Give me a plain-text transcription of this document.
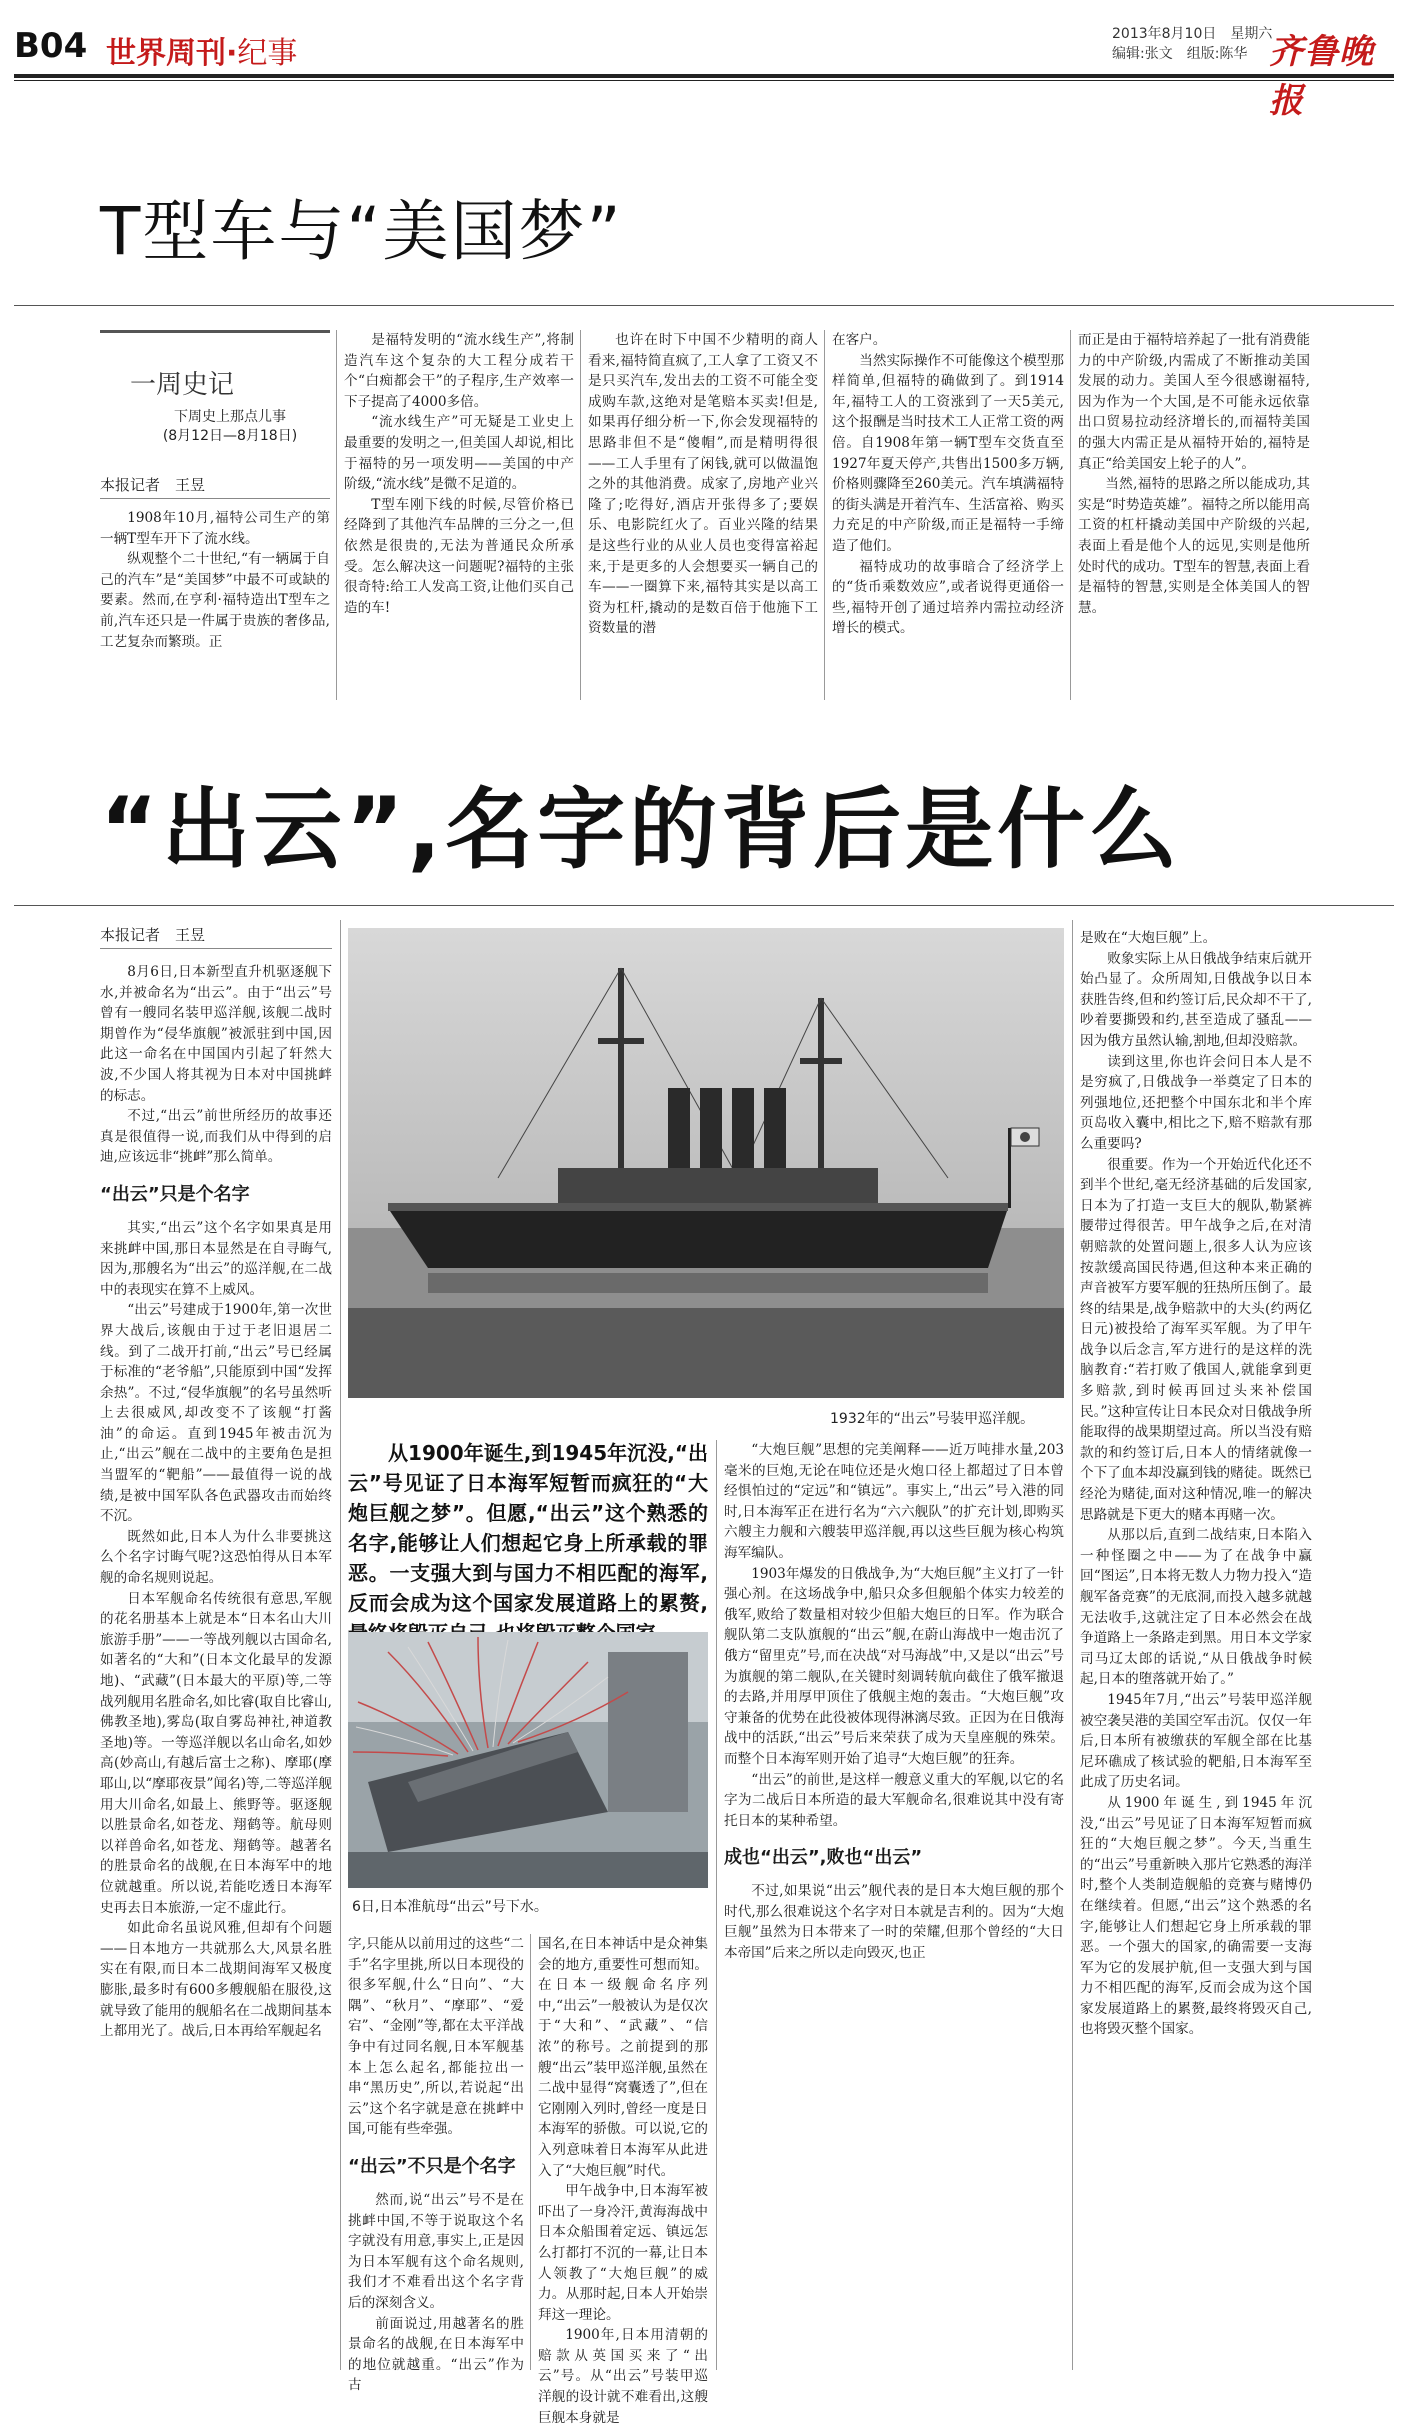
B04 世界周刊·纪事
2013年8月10日　星期六
编辑:张文　组版:陈华 齐鲁晚报
T型车与“美国梦”
一周史记
下周史上那点儿事
(8月12日—8月18日)
本报记者　王昱

1908年10月,福特公司生产的第一辆T型车开下了流水线。

纵观整个二十世纪,“有一辆属于自己的汽车”是“美国梦”中最不可或缺的要素。然而,在亨利·福特造出T型车之前,汽车还只是一件属于贵族的奢侈品,工艺复杂而繁琐。正

是福特发明的“流水线生产”,将制造汽车这个复杂的大工程分成若干个“白痴都会干”的子程序,生产效率一下子提高了4000多倍。

“流水线生产”可无疑是工业史上最重要的发明之一,但美国人却说,相比于福特的另一项发明——美国的中产阶级,“流水线”是微不足道的。

T型车刚下线的时候,尽管价格已经降到了其他汽车品牌的三分之一,但依然是很贵的,无法为普通民众所承受。怎么解决这一问题呢?福特的主张很奇特:给工人发高工资,让他们买自己造的车!

也许在时下中国不少精明的商人看来,福特简直疯了,工人拿了工资又不是只买汽车,发出去的工资不可能全变成购车款,这绝对是笔赔本买卖!但是,如果再仔细分析一下,你会发现福特的思路非但不是“傻帽”,而是精明得很——工人手里有了闲钱,就可以做温饱之外的其他消费。成家了,房地产业兴隆了;吃得好,酒店开张得多了;要娱乐、电影院红火了。百业兴隆的结果是这些行业的从业人员也变得富裕起来,于是更多的人会想要买一辆自己的车——一圈算下来,福特其实是以高工资为杠杆,撬动的是数百倍于他施下工资数量的潜

在客户。

当然实际操作不可能像这个模型那样简单,但福特的确做到了。到1914年,福特工人的工资涨到了一天5美元,这个报酬是当时技术工人正常工资的两倍。自1908年第一辆T型车交货直至1927年夏天停产,共售出1500多万辆,价格则骤降至260美元。汽车填满福特的街头满是开着汽车、生活富裕、购买力充足的中产阶级,而正是福特一手缔造了他们。

福特成功的故事暗合了经济学上的“货币乘数效应”,或者说得更通俗一些,福特开创了通过培养内需拉动经济增长的模式。

而正是由于福特培养起了一批有消费能力的中产阶级,内需成了不断推动美国发展的动力。美国人至今很感谢福特,因为作为一个大国,是不可能永远依靠出口贸易拉动经济增长的,而福特美国的强大内需正是从福特开始的,福特是真正“给美国安上轮子的人”。

当然,福特的思路之所以能成功,其实是“时势造英雄”。福特之所以能用高工资的杠杆撬动美国中产阶级的兴起,表面上看是他个人的远见,实则是他所处时代的成功。T型车的智慧,表面上看是福特的智慧,实则是全体美国人的智慧。

“出云”,名字的背后是什么
本报记者　王昱

8月6日,日本新型直升机驱逐舰下水,并被命名为“出云”。由于“出云”号曾有一艘同名装甲巡洋舰,该舰二战时期曾作为“侵华旗舰”被派驻到中国,因此这一命名在中国国内引起了轩然大波,不少国人将其视为日本对中国挑衅的标志。

不过,“出云”前世所经历的故事还真是很值得一说,而我们从中得到的启迪,应该远非“挑衅”那么简单。

“出云”只是个名字

其实,“出云”这个名字如果真是用来挑衅中国,那日本显然是在自寻晦气,因为,那艘名为“出云”的巡洋舰,在二战中的表现实在算不上威风。

“出云”号建成于1900年,第一次世界大战后,该舰由于过于老旧退居二线。到了二战开打前,“出云”号已经属于标准的“老爷船”,只能原到中国“发挥余热”。不过,“侵华旗舰”的名号虽然听上去很威风,却改变不了该舰“打酱油”的命运。直到1945年被击沉为止,“出云”舰在二战中的主要角色是担当盟军的“靶船”——最值得一说的战绩,是被中国军队各色武器攻击而始终不沉。

既然如此,日本人为什么非要挑这么个名字讨晦气呢?这恐怕得从日本军舰的命名规则说起。

日本军舰命名传统很有意思,军舰的花名册基本上就是本“日本名山大川旅游手册”——一等战列舰以古国命名,如著名的“大和”(日本文化最早的发源地)、“武藏”(日本最大的平原)等,二等战列舰用名胜命名,如比睿(取自比睿山,佛教圣地),雾岛(取自雾岛神社,神道教圣地)等。一等巡洋舰以名山命名,如妙高(妙高山,有越后富士之称)、摩耶(摩耶山,以“摩耶夜景”闻名)等,二等巡洋舰用大川命名,如最上、熊野等。驱逐舰以胜景命名,如苍龙、翔鹤等。航母则以祥兽命名,如苍龙、翔鹤等。越著名的胜景命名的战舰,在日本海军中的地位就越重。所以说,若能吃透日本海军史再去日本旅游,一定不虚此行。

如此命名虽说风雅,但却有个问题——日本地方一共就那么大,风景名胜实在有限,而日本二战期间海军又极度膨胀,最多时有600多艘舰船在服役,这就导致了能用的舰船名在二战期间基本上都用光了。战后,日本再给军舰起名

1932年的“出云”号装甲巡洋舰。

从1900年诞生,到1945年沉没,“出云”号见证了日本海军短暂而疯狂的“大炮巨舰之梦”。但愿,“出云”这个熟悉的名字,能够让人们想起它身上所承载的罪恶。一支强大到与国力不相匹配的海军,反而会成为这个国家发展道路上的累赘,

6日,日本准航母“出云”号下水。

字,只能从以前用过的这些“二手”名字里挑,所以日本现役的很多军舰,什么“日向”、“大隅”、“秋月”、“摩耶”、“爱宕”、“金刚”等,都在太平洋战争中有过同名舰,日本军舰基本上怎么起名,都能拉出一串“黑历史”,所以,若说起“出云”这个名字就是意在挑衅中国,可能有些牵强。

“出云”不只是个名字

然而,说“出云”号不是在挑衅中国,不等于说取这个名字就没有用意,事实上,正是因为日本军舰有这个命名规则,我们才不难看出这个名字背后的深刻含义。

前面说过,用越著名的胜景命名的战舰,在日本海军中的地位就越重。“出云”作为古

国名,在日本神话中是众神集会的地方,重要性可想而知。在日本一级舰命名序列中,“出云”一般被认为是仅次于“大和”、“武藏”、“信浓”的称号。之前提到的那艘“出云”装甲巡洋舰,虽然在二战中显得“窝囊透了”,但在它刚刚入列时,曾经一度是日本海军的骄傲。可以说,它的入列意味着日本海军从此进入了“大炮巨舰”时代。

甲午战争中,日本海军被吓出了一身冷汗,黄海海战中日本众船围着定远、镇远怎么打都打不沉的一幕,让日本人领教了“大炮巨舰”的威力。从那时起,日本人开始崇拜这一理论。

1900年,日本用清朝的赔款从英国买来了“出云”号。从“出云”号装甲巡洋舰的设计就不难看出,这艘巨舰本身就是

“大炮巨舰”思想的完美阐释——近万吨排水量,203毫米的巨炮,无论在吨位还是火炮口径上都超过了日本曾经惧怕过的“定远”和“镇远”。事实上,“出云”号入港的同时,日本海军正在进行名为“六六舰队”的扩充计划,即购买六艘主力舰和六艘装甲巡洋舰,再以这些巨舰为核心构筑海军编队。

1903年爆发的日俄战争,为“大炮巨舰”主义打了一针强心剂。在这场战争中,船只众多但舰船个体实力较差的俄军,败给了数量相对较少但船大炮巨的日军。作为联合舰队第二支队旗舰的“出云”舰,在蔚山海战中一炮击沉了俄方“留里克”号,而在决战“对马海战”中,又是以“出云”号为旗舰的第二舰队,在关键时刻调转航向截住了俄军撤退的去路,并用厚甲顶住了俄舰主炮的轰击。“大炮巨舰”攻守兼备的优势在此役被体现得淋漓尽致。正因为在日俄海战中的活跃,“出云”号后来荣获了成为天皇座舰的殊荣。而整个日本海军则开始了追寻“大炮巨舰”的狂奔。

“出云”的前世,是这样一艘意义重大的军舰,以它的名字为二战后日本所造的最大军舰命名,很难说其中没有寄托日本的某种希望。

成也“出云”,败也“出云”

不过,如果说“出云”舰代表的是日本大炮巨舰的那个时代,那么很难说这个名字对日本就是吉利的。因为“大炮巨舰”虽然为日本带来了一时的荣耀,但那个曾经的“大日本帝国”后来之所以走向毁灭,也正

是败在“大炮巨舰”上。

败象实际上从日俄战争结束后就开始凸显了。众所周知,日俄战争以日本获胜告终,但和约签订后,民众却不干了,吵着要撕毁和约,甚至造成了骚乱——因为俄方虽然认输,割地,但却没赔款。

读到这里,你也许会问日本人是不是穷疯了,日俄战争一举奠定了日本的列强地位,还把整个中国东北和半个库页岛收入囊中,相比之下,赔不赔款有那么重要吗?

很重要。作为一个开始近代化还不到半个世纪,毫无经济基础的后发国家,日本为了打造一支巨大的舰队,勒紧裤腰带过得很苦。甲午战争之后,在对清朝赔款的处置问题上,很多人认为应该按款缓高国民待遇,但这种本来正确的声音被军方要军舰的狂热所压倒了。最终的结果是,战争赔款中的大头(约两亿日元)被投给了海军买军舰。为了甲午战争以后念言,军方进行的是这样的洗脑教育:“若打败了俄国人,就能拿到更多赔款,到时候再回过头来补偿国民。”这种宣传让日本民众对日俄战争所能取得的战果期望过高。所以当没有赔款的和约签订后,日本人的情绪就像一个下了血本却没赢到钱的赌徒。既然已经沦为赌徒,面对这种情况,唯一的解决思路就是下更大的赌本再赌一次。

从那以后,直到二战结束,日本陷入一种怪圈之中——为了在战争中赢回“图运”,日本将无数人力物力投入“造舰军备竞赛”的无底洞,而投入越多就越无法收手,这就注定了日本必然会在战争道路上一条路走到黑。用日本文学家司马辽太郎的话说,“从日俄战争时候起,日本的堕落就开始了。”

1945年7月,“出云”号装甲巡洋舰被空袭吴港的美国空军击沉。仅仅一年后,日本所有被缴获的军舰全部在比基尼环礁成了核试验的靶船,日本海军至此成了历史名词。

从1900年诞生,到1945年沉没,“出云”号见证了日本海军短暂而疯狂的“大炮巨舰之梦”。今天,当重生的“出云”号重新映入那片它熟悉的海洋时,整个人类制造舰船的竞赛与赌博仍在继续着。但愿,“出云”这个熟悉的名字,能够让人们想起它身上所承载的罪恶。一个强大的国家,的确需要一支海军为它的发展护航,但一支强大到与国力不相匹配的海军,反而会成为这个国家发展道路上的累赘,最终将毁灭自己,也将毁灭整个国家。
